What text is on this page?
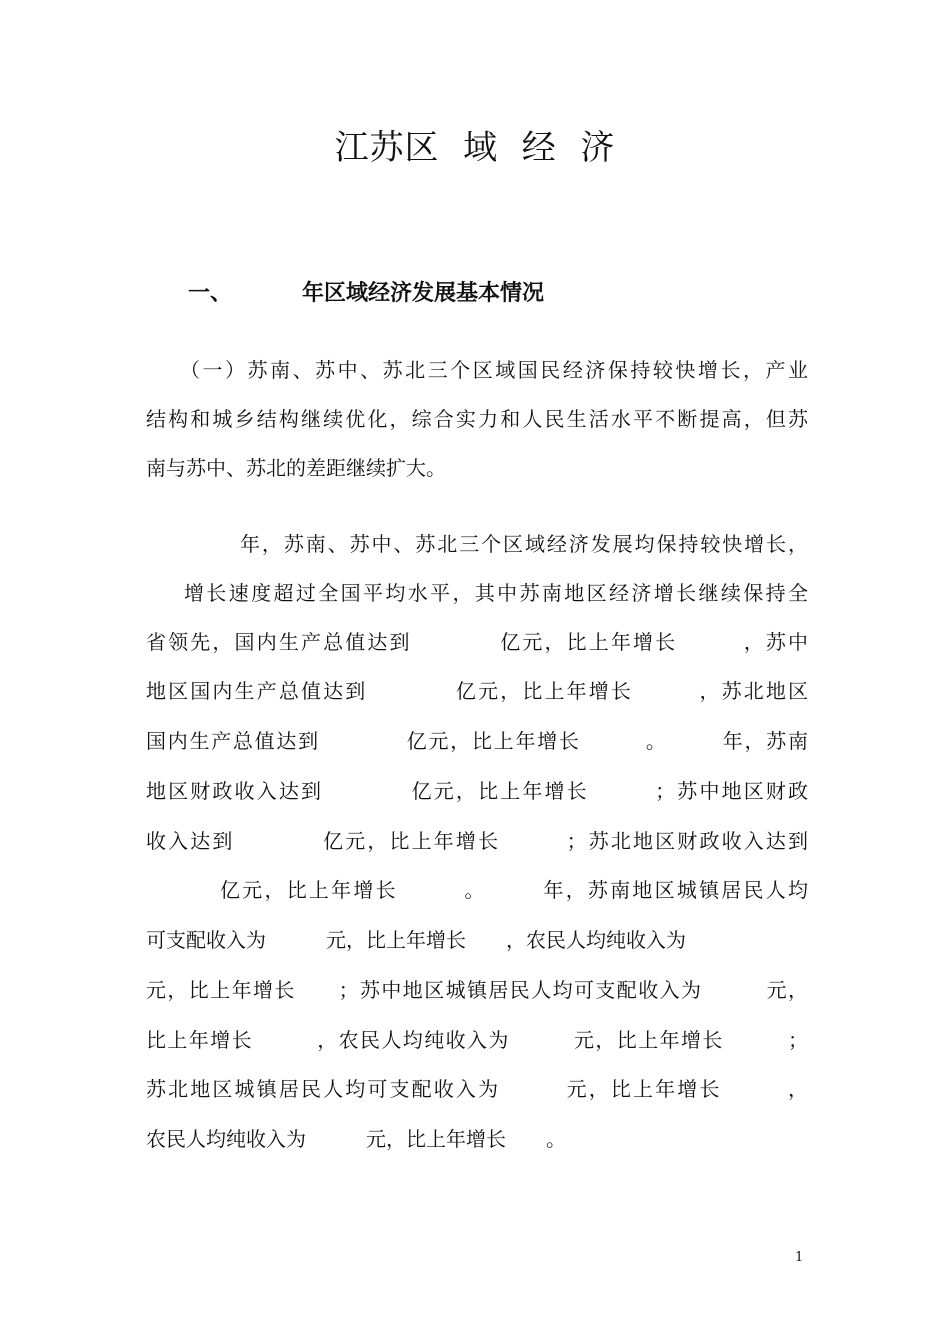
江苏区  域  经  济
一、	年区域经济发展基本情况
（一）苏南、苏中、苏北三个区域国民经济保持较快增长，产业
结构和城乡结构继续优化，综合实力和人民生活水平不断提高，但苏
南与苏中、苏北的差距继续扩大。
年，苏南、苏中、苏北三个区域经济发展均保持较快增长，
增长速度超过全国平均水平，其中苏南地区经济增长继续保持全
省领先，国内生产总值达到　　　　亿元，比上年增长　　　，苏中
地区国内生产总值达到　　　　亿元，比上年增长　　　，苏北地区
国内生产总值达到　　　　亿元，比上年增长　　　。　　　年，苏南
地区财政收入达到　　　　亿元，比上年增长　　　；苏中地区财政
收入达到　　　　亿元，比上年增长　　　；苏北地区财政收入达到
亿元，比上年增长　　　。　　　年，苏南地区城镇居民人均
可支配收入为　　　元，比上年增长　　，农民人均纯收入为
元，比上年增长　　；苏中地区城镇居民人均可支配收入为　　　元，
比上年增长　　　，农民人均纯收入为　　　元，比上年增长　　　；
苏北地区城镇居民人均可支配收入为　　　元，比上年增长　　　，
农民人均纯收入为　　　元，比上年增长　　。
1
